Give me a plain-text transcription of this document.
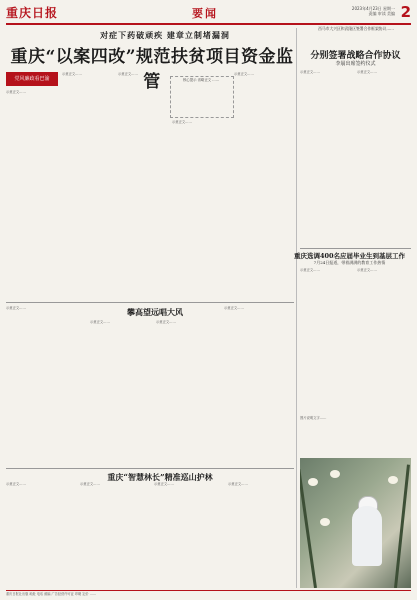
重庆日报	要闻	2023年4月23日 星期一
责编 审读 美编 2
对症下药破顽疾 建章立制堵漏洞
重庆“以案四改”规范扶贫项目资金监管
党风廉政看巴渝
示意正文……
示意正文……	示意正文……
核心提示 省略正文 ……
示意正文……
示意正文……
西马市大兴区和武隆区签署合作框架协议……
分别签署战略合作协议
李崩出席签约仪式
示意正文……	示意正文……
重庆选调400名应届毕业生到基层工作
7月24日报道，带着满满的教育工作热情
示意正文……	示意正文……
图片说明文字……
攀高望远唱大风
示意正文……
示意正文……	示意正文……
示意正文……
重庆“智慧林长”精准巡山护林
示意正文……	示意正文……	示意正文……	示意正文……
重庆日报社出版 地址 电话 邮编 广告经营许可证 印刷 定价 ……
